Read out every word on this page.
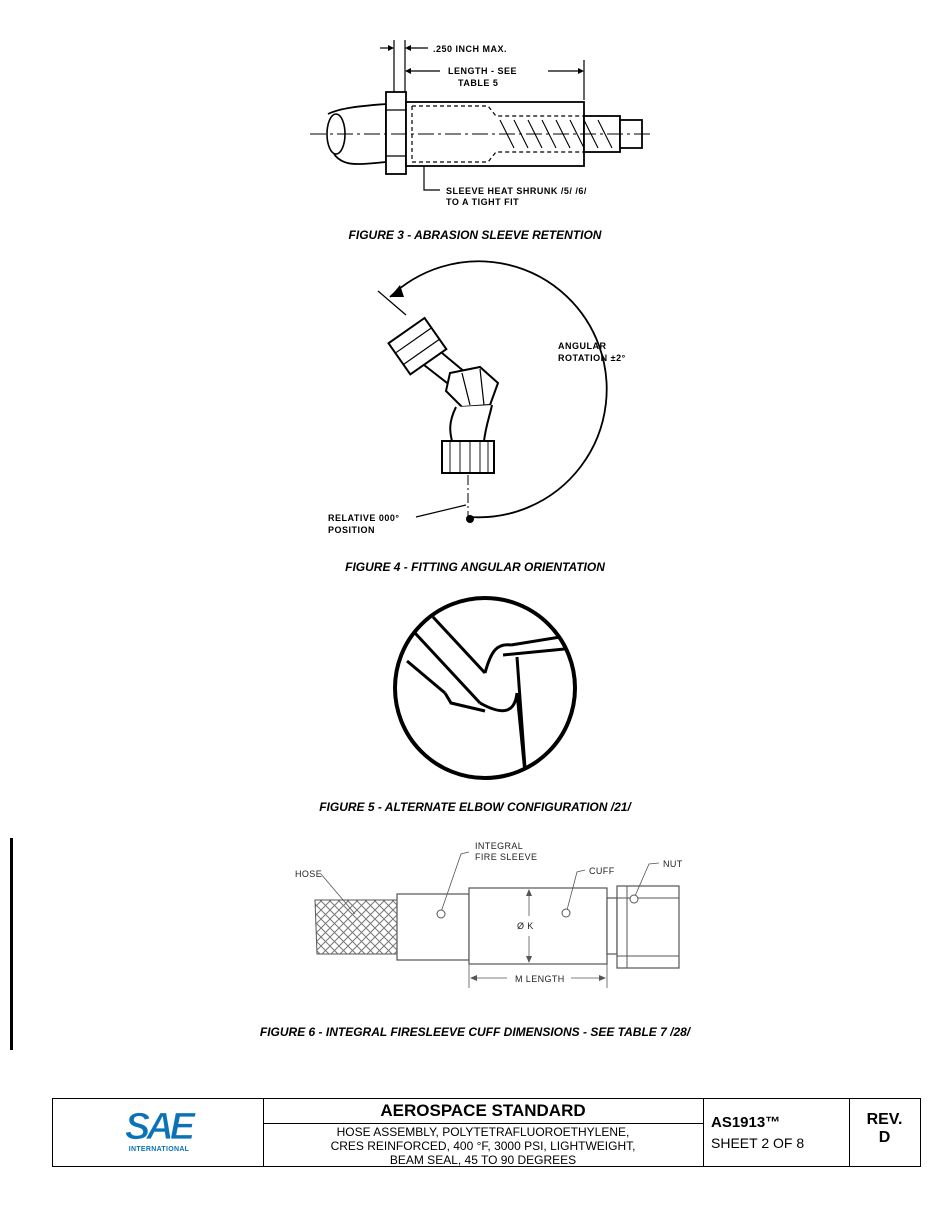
.250 INCH MAX.
LENGTH - SEE
TABLE 5
SLEEVE HEAT SHRUNK /5/ /6/
TO A TIGHT FIT
FIGURE 3 - ABRASION SLEEVE RETENTION
ANGULAR
ROTATION ±2°
RELATIVE 000°
POSITION
FIGURE 4 - FITTING ANGULAR ORIENTATION
FIGURE 5 - ALTERNATE ELBOW CONFIGURATION /21/
HOSE
INTEGRAL
FIRE SLEEVE
CUFF
NUT
Ø K
M LENGTH
FIGURE 6 - INTEGRAL FIRESLEEVE CUFF DIMENSIONS - SEE TABLE 7 /28/
SAE
INTERNATIONAL
AEROSPACE STANDARD
HOSE ASSEMBLY, POLYTETRAFLUOROETHYLENE,
CRES REINFORCED, 400 °F, 3000 PSI, LIGHTWEIGHT,
BEAM SEAL, 45 TO 90 DEGREES
AS1913™
SHEET 2 OF 8
REV.
D
